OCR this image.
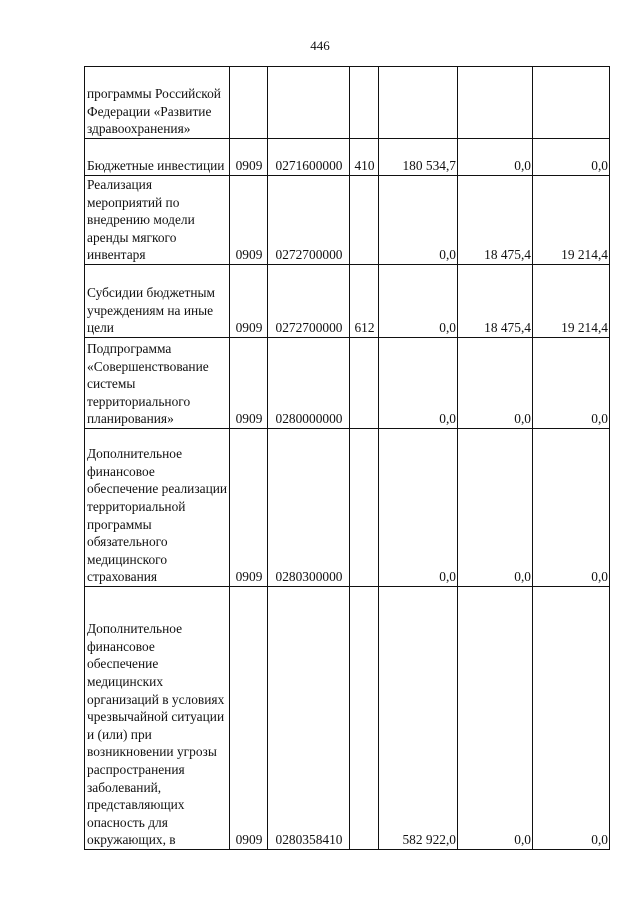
446
программы Российской Федерации «Развитие здравоохранения»						
Бюджетные инвестиции	0909	0271600000	410	180 534,7	0,0	0,0
Реализация мероприятий по внедрению модели аренды мягкого инвентаря	0909	0272700000		0,0	18 475,4	19 214,4
Субсидии бюджетным учреждениям на иные цели	0909	0272700000	612	0,0	18 475,4	19 214,4
Подпрограмма «Совершенствование системы территориального планирования»	0909	0280000000		0,0	0,0	0,0
Дополнительное финансовое обеспечение реализации территориальной программы обязательного медицинского страхования	0909	0280300000		0,0	0,0	0,0
Дополнительное финансовое обеспечение медицинских организаций в условиях чрезвычайной ситуации и (или) при возникновении угрозы распространения заболеваний, представляющих опасность для окружающих, в	0909	0280358410		582 922,0	0,0	0,0
